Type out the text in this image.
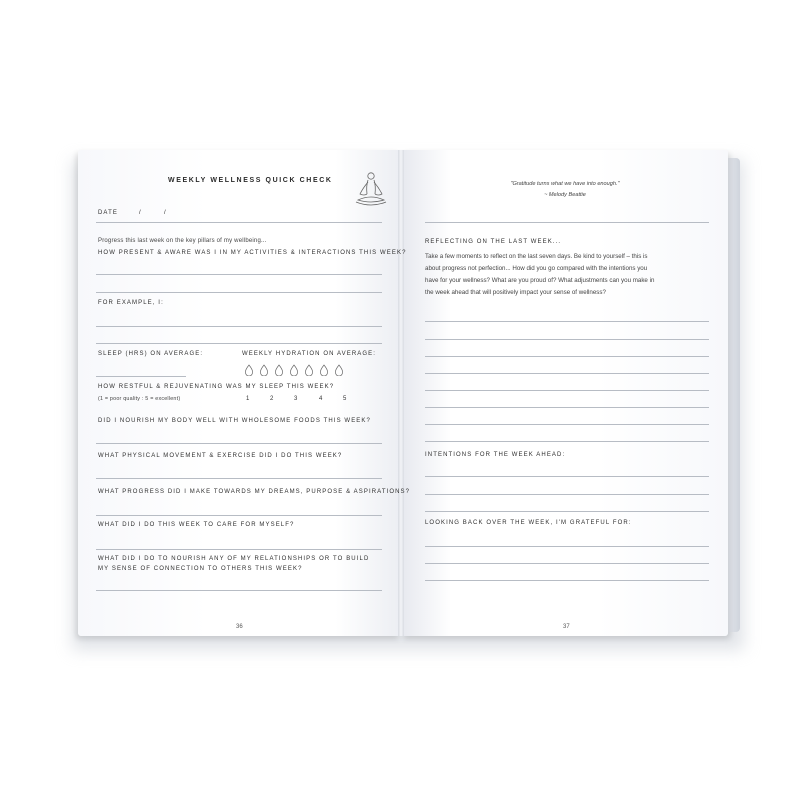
WEEKLY WELLNESS QUICK CHECK
DATE	/	/
Progress this last week on the key pillars of my wellbeing...
HOW PRESENT & AWARE WAS I IN MY ACTIVITIES & INTERACTIONS THIS WEEK?
FOR EXAMPLE, I:
SLEEP (HRS) ON AVERAGE:	WEEKLY HYDRATION ON AVERAGE:
HOW RESTFUL & REJUVENATING WAS MY SLEEP THIS WEEK?
(1 = poor quality : 5 = excellent)	1	2	3	4	5
DID I NOURISH MY BODY WELL WITH WHOLESOME FOODS THIS WEEK?
WHAT PHYSICAL MOVEMENT & EXERCISE DID I DO THIS WEEK?
WHAT PROGRESS DID I MAKE TOWARDS MY DREAMS, PURPOSE & ASPIRATIONS?
WHAT DID I DO THIS WEEK TO CARE FOR MYSELF?
WHAT DID I DO TO NOURISH ANY OF MY RELATIONSHIPS OR TO BUILD
MY SENSE OF CONNECTION TO OTHERS THIS WEEK?
36
"Gratitude turns what we have into enough."
~ Melody Beattie
REFLECTING ON THE LAST WEEK...
Take a few moments to reflect on the last seven days. Be kind to yourself – this is
about progress not perfection... How did you go compared with the intentions you
have for your wellness? What are you proud of? What adjustments can you make in
the week ahead that will positively impact your sense of wellness?
INTENTIONS FOR THE WEEK AHEAD:
LOOKING BACK OVER THE WEEK, I'M GRATEFUL FOR:
37
